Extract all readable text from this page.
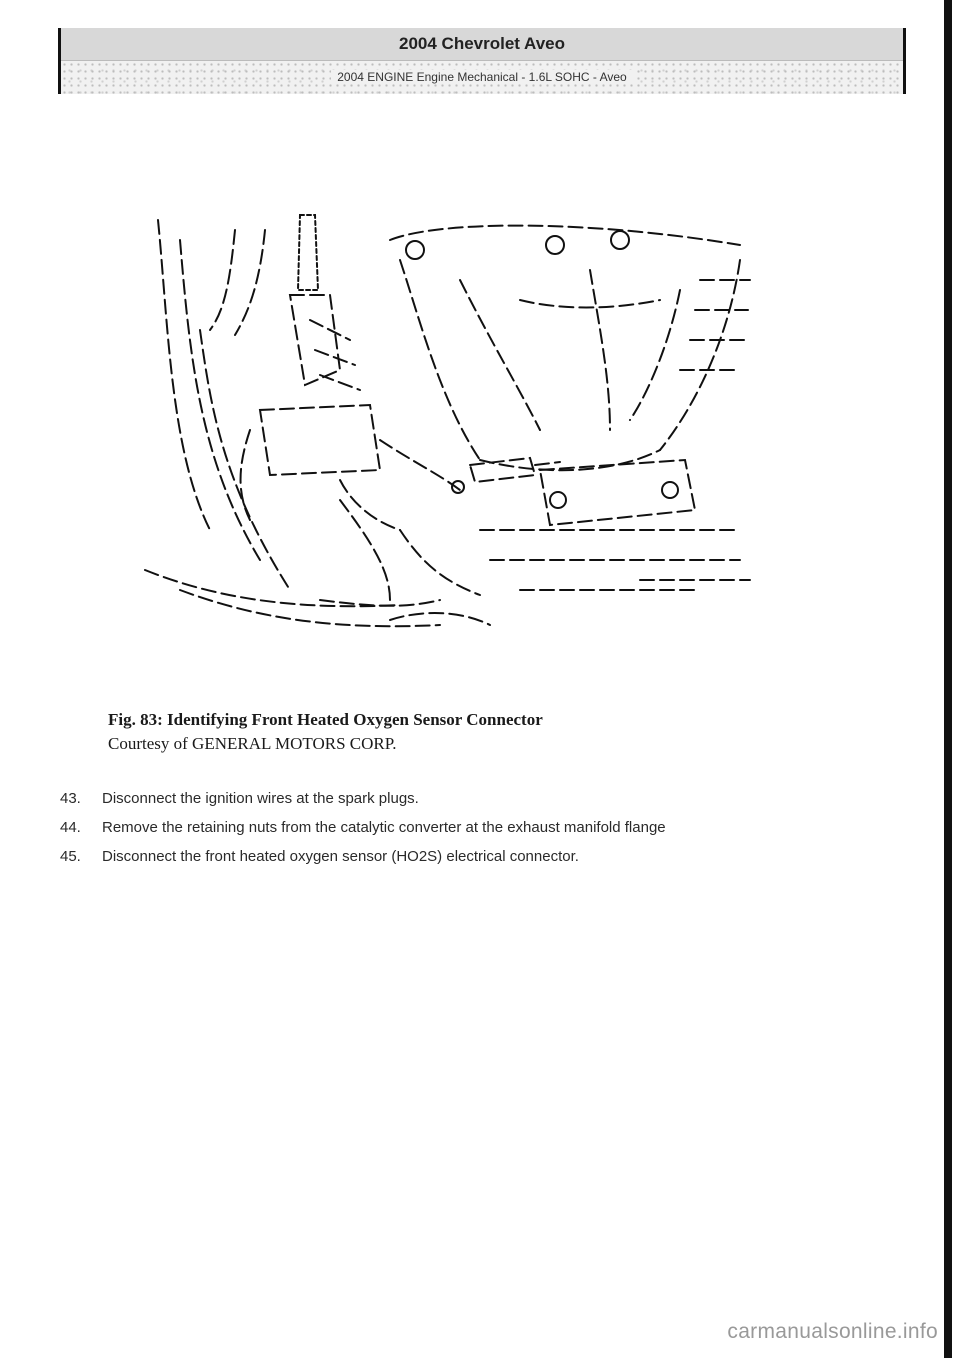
2004 Chevrolet Aveo
2004 ENGINE Engine Mechanical - 1.6L SOHC - Aveo
Fig. 83: Identifying Front Heated Oxygen Sensor Connector
Courtesy of GENERAL MOTORS CORP.
43.	Disconnect the ignition wires at the spark plugs.
44.	Remove the retaining nuts from the catalytic converter at the exhaust manifold flange
45.	Disconnect the front heated oxygen sensor (HO2S) electrical connector.
carmanualsonline.info
